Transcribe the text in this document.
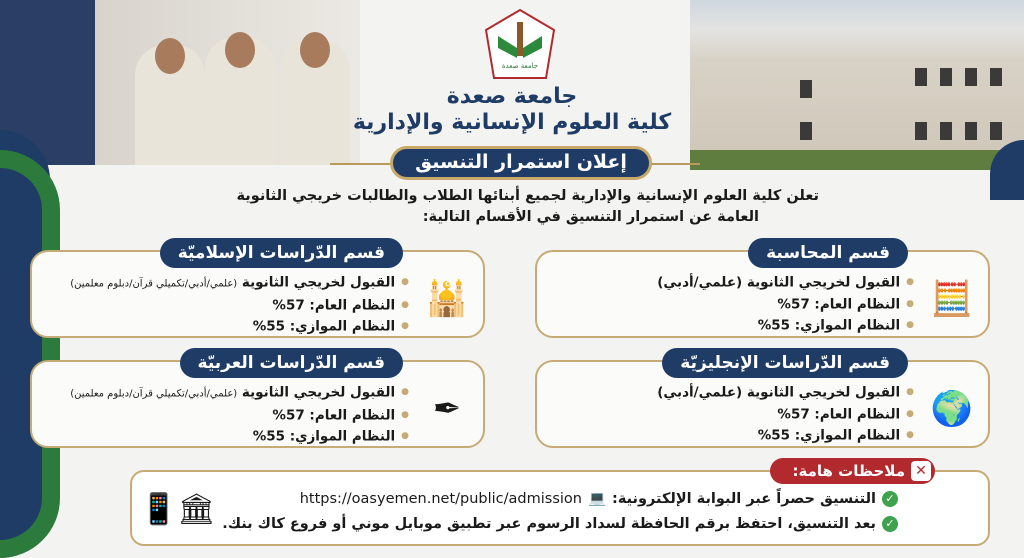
جامعة صعدة
جامعة صعدة
كلية العلوم الإنسانية والإدارية
إعلان استمرار التنسيق
تعلن كلية العلوم الإنسانية والإدارية لجميع أبنائها الطلاب والطالبات خريجي الثانوية
العامة عن استمرار التنسيق في الأقسام التالية:
قسم المحاسبة
🧮
● القبول لخريجي الثانوية (علمي/أدبي)
● النظام العام: 57%
● النظام الموازي: 55%
قسم الدّراسات الإسلاميّة
🕌
● القبول لخريجي الثانوية (علمي/أدبي/تكميلي قرآن/دبلوم معلمين)
● النظام العام: 57%
● النظام الموازي: 55%
قسم الدّراسات الإنجليزيّة
🌍
● القبول لخريجي الثانوية (علمي/أدبي)
● النظام العام: 57%
● النظام الموازي: 55%
قسم الدّراسات العربيّة
✒
● القبول لخريجي الثانوية (علمي/أدبي/تكميلي قرآن/دبلوم معلمين)
● النظام العام: 57%
● النظام الموازي: 55%
✓
التنسيق حصراً عبر البوابة الإلكترونية:
💻
https://oasyemen.net/public/admission
✓
بعد التنسيق، احتفظ برقم الحافظة لسداد الرسوم عبر تطبيق موبايل موني أو فروع كاك بنك.
📱🏛
✕
ملاحظات هامة:
